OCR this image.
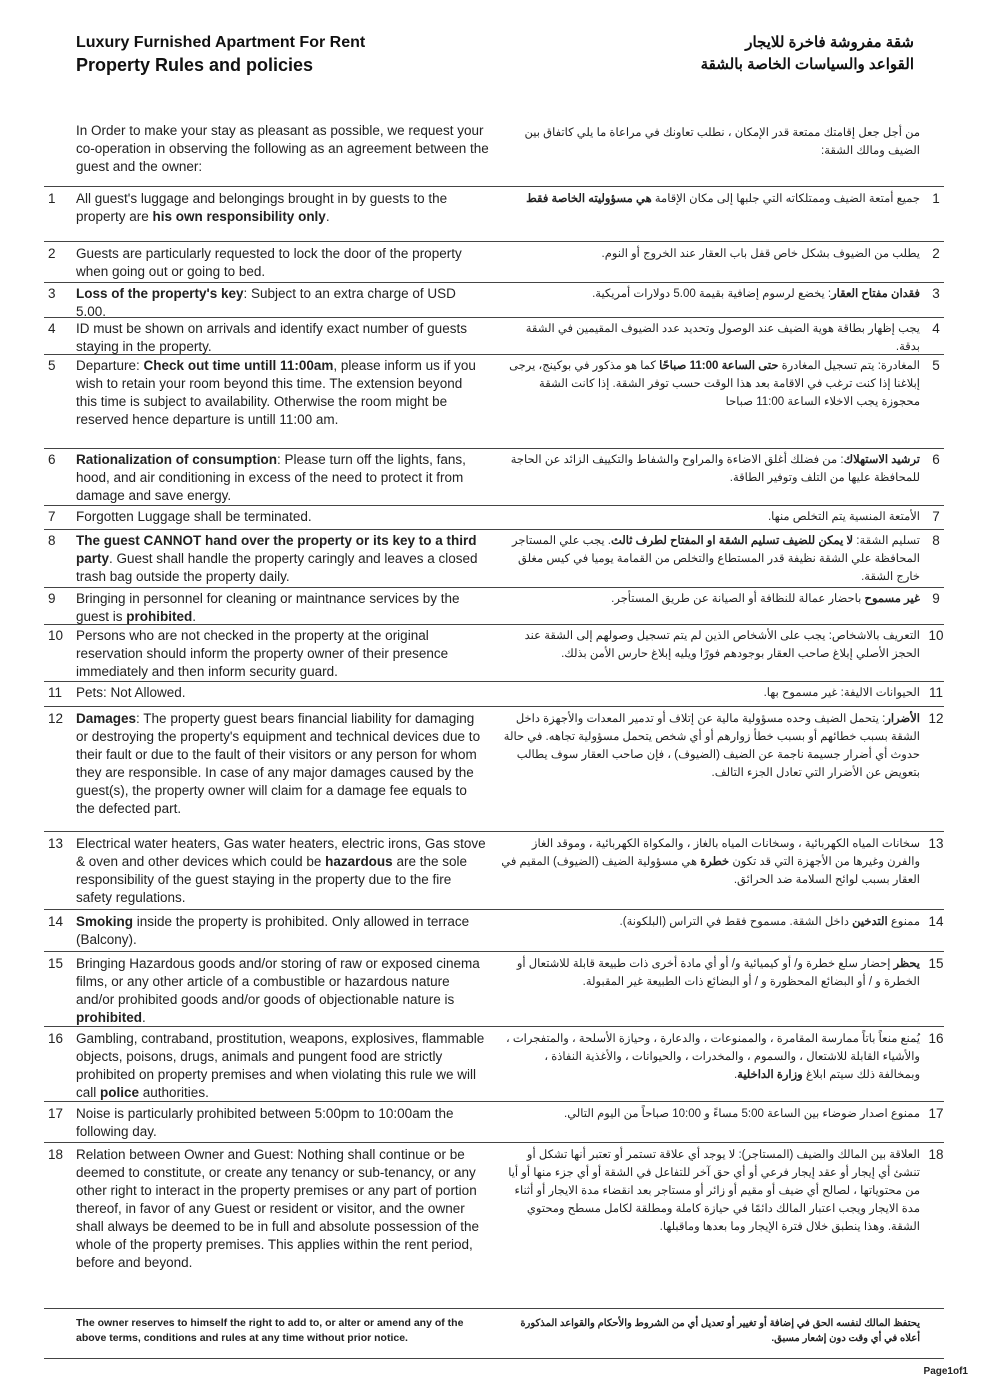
Luxury Furnished Apartment For Rent
Property Rules and policies
شقة مفروشة فاخرة للايجار
القواعد والسياسات الخاصة بالشقة
In Order to make your stay as pleasant as possible, we request your co-operation in observing the following as an agreement between the guest and the owner:
من أجل جعل إقامتك ممتعة قدر الإمكان ، نطلب تعاونك في مراعاة ما يلي كاتفاق بين الضيف ومالك الشقة:
1 All guest's luggage and belongings brought in by guests to the property are his own responsibility only.
جميع أمتعة الضيف وممتلكاته التي جلبها إلى مكان الإقامة هي مسؤوليته الخاصة فقط	1
2 Guests are particularly requested to lock the door of the property when going out or going to bed.
يطلب من الضيوف بشكل خاص قفل باب العقار عند الخروج أو النوم. 2
3 Loss of the property's key: Subject to an extra charge of USD 5.00.
فقدان مفتاح العقار: يخضع لرسوم إضافية بقيمة 5.00 دولارات أمريكية.	3
4 ID must be shown on arrivals and identify exact number of guests staying in the property.
يجب إظهار بطاقة هوية الضيف عند الوصول وتحديد عدد الضيوف المقيمين في الشقة بدقة.
4
5 Departure: Check out time untill 11:00am, please inform us if you wish to retain your room beyond this time. The extension beyond this time is subject to availability. Otherwise the room might be reserved hence departure is untill 11:00 am.
المغادرة: يتم تسجيل المغادرة حتى الساعة 11:00 صباحًا كما هو مذكور في بوكينج، يرجى إبلاغنا إذا كنت ترغب في الاقامة بعد هذا الوقت حسب توفر الشقة. إذا كانت الشقة محجوزة يجب الاخلاء الساعة 11:00 صباحا
5
6 Rationalization of consumption: Please turn off the lights, fans, hood, and air conditioning in excess of the need to protect it from damage and save energy.
ترشيد الاستهلاك: من فضلك أغلق الاضاءة والمراوح والشفاط والتكييف الزائد عن الحاجة للمحافظة عليها من التلف وتوفير الطاقة.
6
7 Forgotten Luggage shall be terminated.	الأمتعة المنسية يتم التخلص منها. 7
8 The guest CANNOT hand over the property or its key to a third party. Guest shall handle the property caringly and leaves a closed trash bag outside the property daily.
تسليم الشقة: لا يمكن للضيف تسليم الشقة او المفتاح لطرف ثالث. يجب علي المستاجر المحافظة علي الشقة نظيفة قدر المستطاع والتخلص من القمامة يوميا في كيس مغلق خارج الشقة.
8
9 Bringing in personnel for cleaning or maintnance services by the guest is prohibited.
غير مسموح باحضار عمالة للنظافة أو الصيانة عن طريق المستأجر.	9
10 Persons who are not checked in the property at the original reservation should inform the property owner of their presence immediately and then inform security guard.
التعريف بالاشخاص: يجب على الأشخاص الذين لم يتم تسجيل وصولهم إلى الشقة عند الحجز الأصلي إبلاغ صاحب العقار بوجودهم فورًا ويليه إبلاغ حارس الأمن بذلك.
10
11 Pets: Not Allowed.	الحيوانات الاليفة: غير مسموح بها. 11
12 Damages: The property guest bears financial liability for damaging or destroying the property's equipment and technical devices due to their fault or due to the fault of their visitors or any person for whom they are responsible. In case of any major damages caused by the guest(s), the property owner will claim for a damage fee equals to the defected part.
الأضرار: يتحمل الضيف وحده مسؤولية مالية عن إتلاف أو تدمير المعدات والأجهزة داخل الشقة بسبب خطائهم أو بسبب خطأ زوارهم أو أي شخص يتحمل مسؤولية تجاهه. في حالة حدوث أي أضرار جسيمة ناجمة عن الضيف (الضيوف) ، فإن صاحب العقار سوف يطالب بتعويض عن الأضرار التي تعادل الجزء التالف.
12
13 Electrical water heaters, Gas water heaters, electric irons, Gas stove & oven and other devices which could be hazardous are the sole responsibility of the guest staying in the property due to the fire safety regulations.
سخانات المياه الكهربائية ، وسخانات المياه بالغاز ، والمكواة الكهربائية ، وموقد الغاز والفرن وغيرها من الأجهزة التي قد تكون خطرة هي مسؤولية الضيف (الضيوف) المقيم في العقار بسبب لوائح السلامة ضد الحرائق.
13
14 Smoking inside the property is prohibited. Only allowed in terrace (Balcony).
ممنوع التدخين داخل الشقة. مسموح فقط في التراس (البلكونة).	14
15 Bringing Hazardous goods and/or storing of raw or exposed cinema films, or any other article of a combustible or hazardous nature and/or prohibited goods and/or goods of objectionable nature is prohibited.
يحظر إحضار سلع خطرة و/ أو كيميائية و/ أو أي مادة أخرى ذات طبيعة قابلة للاشتعال أو الخطرة و / أو البضائع المحظورة و / أو البضائع ذات الطبيعة غير المقبولة.
15
16 Gambling, contraband, prostitution, weapons, explosives, flammable objects, poisons, drugs, animals and pungent food are strictly prohibited on property premises and when violating this rule we will call police authorities.
يُمنع منعاً باتاً ممارسة المقامرة ، والممنوعات ، والدعارة ، وحيازة الأسلحة ، والمتفجرات ، والأشياء القابلة للاشتعال ، والسموم ، والمخدرات ، والحيوانات ، والأغذية النفاذة ، وبمخالفة ذلك سيتم ابلاغ وزارة الداخلية.
16
17 Noise is particularly prohibited between 5:00pm to 10:00am the following day.
ممنوع اصدار ضوضاء بين الساعة 5:00 مساءً و 10:00 صباحاً من اليوم التالي. 17
18 Relation between Owner and Guest: Nothing shall continue or be deemed to constitute, or create any tenancy or sub-tenancy, or any other right to interact in the property premises or any part of portion thereof, in favor of any Guest or resident or visitor, and the owner shall always be deemed to be in full and absolute possession of the whole of the property premises. This applies within the rent period, before and beyond.
العلاقة بين المالك والضيف (المستاجر): لا يوجد أي علاقة تستمر أو تعتبر أنها تشكل أو تنشئ أي إيجار أو عقد إيجار فرعي أو أي حق آخر للتفاعل في الشقة أو أي جزء منها أو أيا من محتوياتها ، لصالح أي ضيف أو مقيم أو زائر أو مستاجر بعد انقضاء مدة الايجار أو أثناء مدة الايجار ويجب اعتبار المالك دائمًا في حيازة كاملة ومطلقة لكامل مسطح ومحتوي الشقة. وهذا ينطبق خلال فترة الإيجار وما بعدها وماقبلها.
18
The owner reserves to himself the right to add to, or alter or amend any of the above terms, conditions and rules at any time without prior notice.
يحتفظ المالك لنفسه الحق في إضافة أو تغيير أو تعديل أي من الشروط والأحكام والقواعد المذكورة أعلاه في أي وقت دون إشعار مسبق.
Page1of1
